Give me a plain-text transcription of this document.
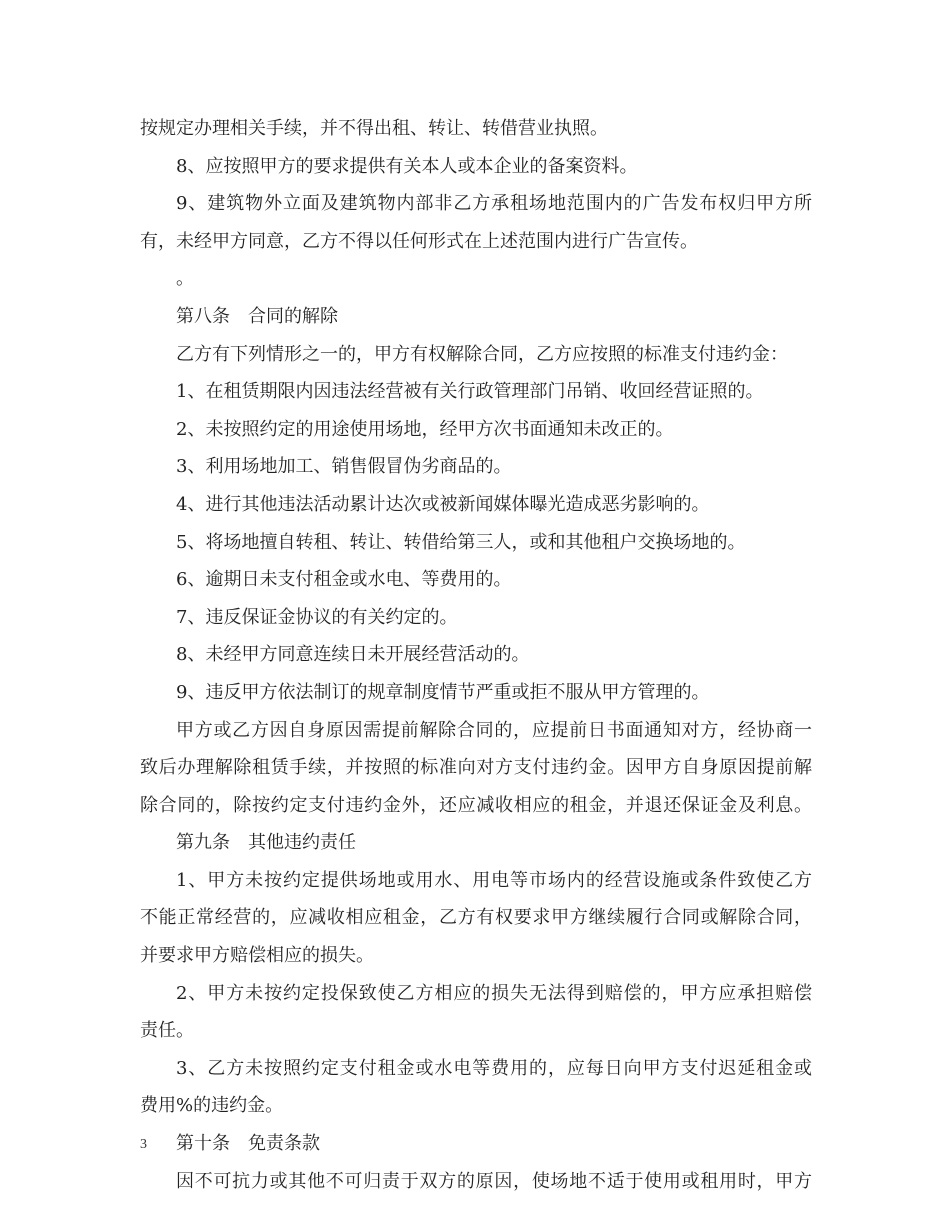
按规定办理相关手续，并不得出租、转让、转借营业执照。
8、应按照甲方的要求提供有关本人或本企业的备案资料。
9、建筑物外立面及建筑物内部非乙方承租场地范围内的广告发布权归甲方所
有，未经甲方同意，乙方不得以任何形式在上述范围内进行广告宣传。
。
第八条　合同的解除
乙方有下列情形之一的，甲方有权解除合同，乙方应按照的标准支付违约金：
1、在租赁期限内因违法经营被有关行政管理部门吊销、收回经营证照的。
2、未按照约定的用途使用场地，经甲方次书面通知未改正的。
3、利用场地加工、销售假冒伪劣商品的。
4、进行其他违法活动累计达次或被新闻媒体曝光造成恶劣影响的。
5、将场地擅自转租、转让、转借给第三人，或和其他租户交换场地的。
6、逾期日未支付租金或水电、等费用的。
7、违反保证金协议的有关约定的。
8、未经甲方同意连续日未开展经营活动的。
9、违反甲方依法制订的规章制度情节严重或拒不服从甲方管理的。
甲方或乙方因自身原因需提前解除合同的，应提前日书面通知对方，经协商一
致后办理解除租赁手续，并按照的标准向对方支付违约金。因甲方自身原因提前解
除合同的，除按约定支付违约金外，还应减收相应的租金，并退还保证金及利息。
第九条　其他违约责任
1、甲方未按约定提供场地或用水、用电等市场内的经营设施或条件致使乙方
不能正常经营的，应减收相应租金，乙方有权要求甲方继续履行合同或解除合同，
并要求甲方赔偿相应的损失。
2、甲方未按约定投保致使乙方相应的损失无法得到赔偿的，甲方应承担赔偿
责任。
3、乙方未按照约定支付租金或水电等费用的，应每日向甲方支付迟延租金或
费用%的违约金。
第十条　免责条款
因不可抗力或其他不可归责于双方的原因，使场地不适于使用或租用时，甲方
3
